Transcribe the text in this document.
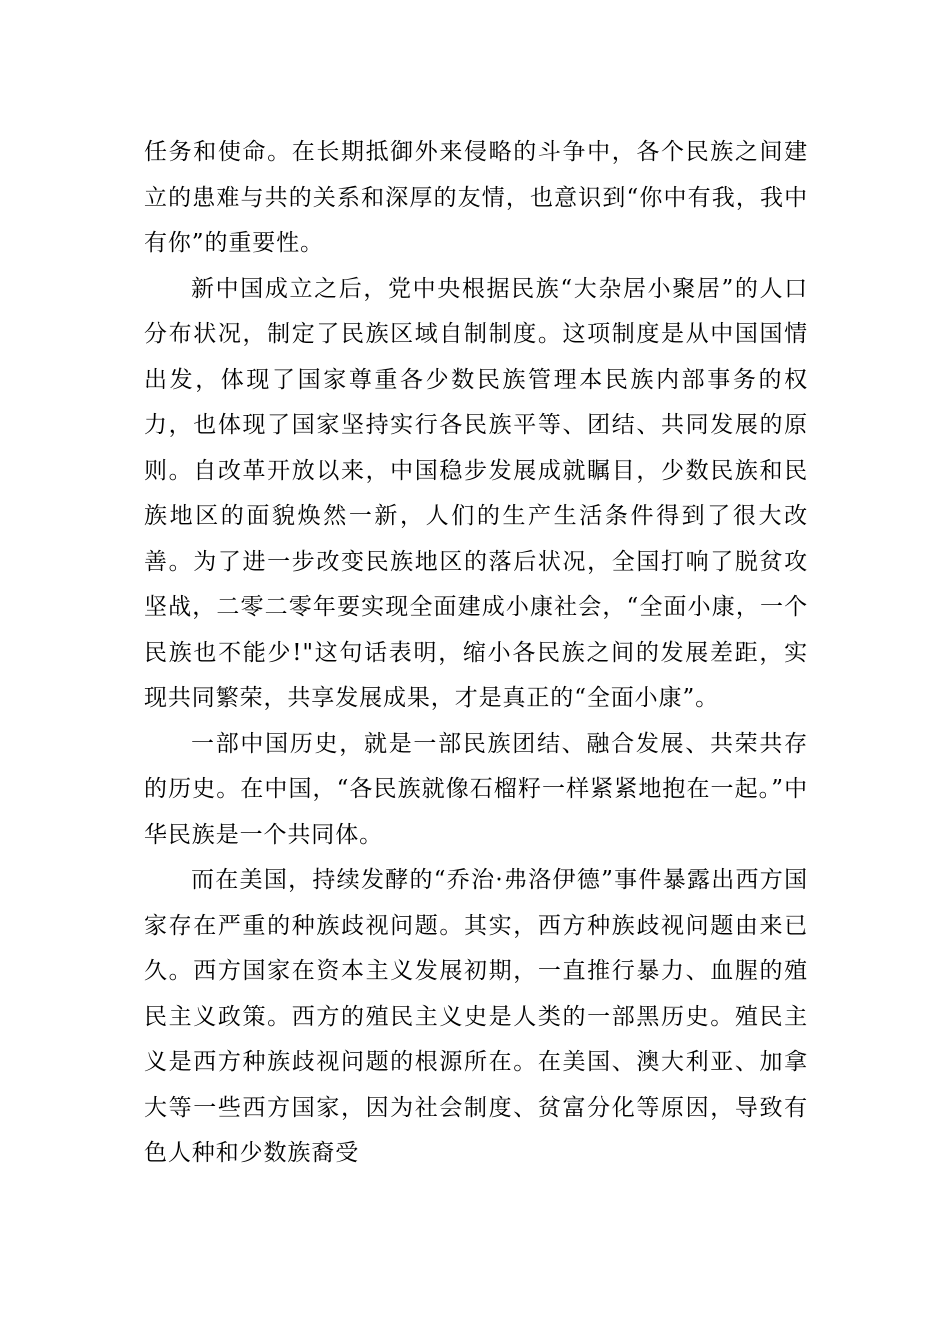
任务和使命。在长期抵御外来侵略的斗争中，各个民族之间建立的患难与共的关系和深厚的友情，也意识到“你中有我，我中有你”的重要性。

新中国成立之后，党中央根据民族“大杂居小聚居”的人口分布状况，制定了民族区域自制制度。这项制度是从中国国情出发，体现了国家尊重各少数民族管理本民族内部事务的权力，也体现了国家坚持实行各民族平等、团结、共同发展的原则。自改革开放以来，中国稳步发展成就瞩目，少数民族和民族地区的面貌焕然一新，人们的生产生活条件得到了很大改善。为了进一步改变民族地区的落后状况，全国打响了脱贫攻坚战，二零二零年要实现全面建成小康社会，“全面小康，一个民族也不能少!"这句话表明，缩小各民族之间的发展差距，实现共同繁荣，共享发展成果，才是真正的“全面小康”。

一部中国历史，就是一部民族团结、融合发展、共荣共存的历史。在中国，“各民族就像石榴籽一样紧紧地抱在一起。”中华民族是一个共同体。

而在美国，持续发酵的“乔治·弗洛伊德”事件暴露出西方国家存在严重的种族歧视问题。其实，西方种族歧视问题由来已久。西方国家在资本主义发展初期，一直推行暴力、血腥的殖民主义政策。西方的殖民主义史是人类的一部黑历史。殖民主义是西方种族歧视问题的根源所在。在美国、澳大利亚、加拿大等一些西方国家，因为社会制度、贫富分化等原因，导致有色人种和少数族裔受
